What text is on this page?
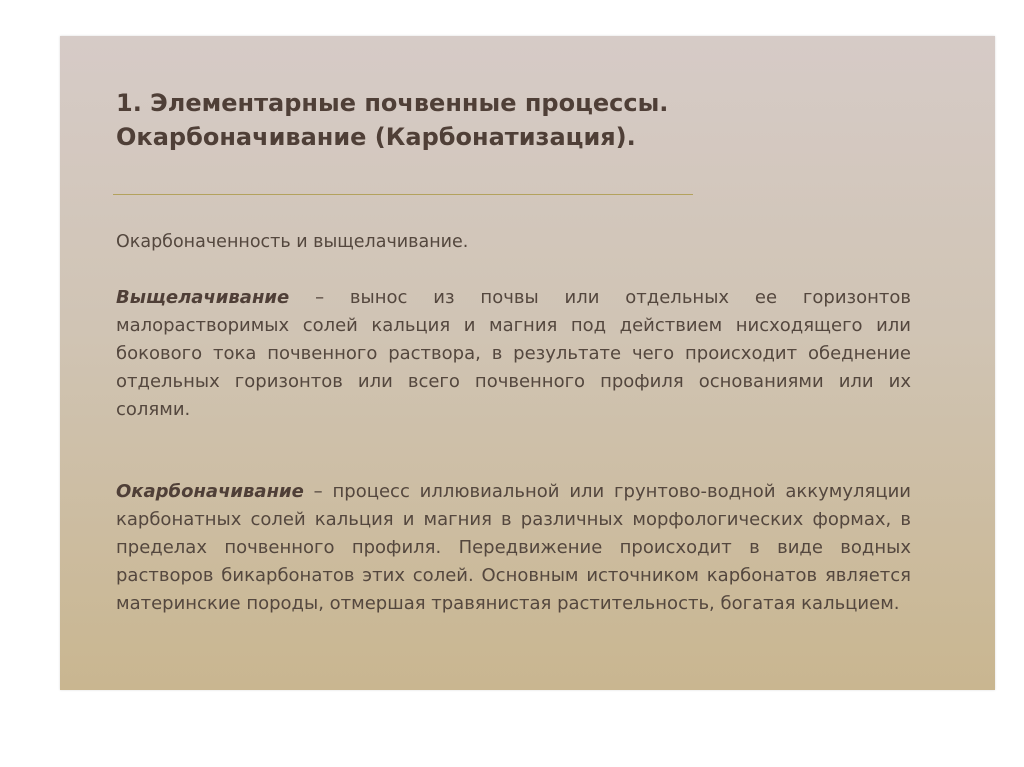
1. Элементарные почвенные процессы.
Окарбоначивание (Карбонатизация).

Окарбоначенность и выщелачивание.

Выщелачивание – вынос из почвы или отдельных ее горизонтов малорастворимых солей кальция и магния под действием нисходящего или бокового тока почвенного раствора, в результате чего происходит обеднение отдельных горизонтов или всего почвенного профиля основаниями или их солями.

Окарбоначивание – процесс иллювиальной или грунтово-водной аккумуляции карбонатных солей кальция и магния в различных морфологических формах, в пределах почвенного профиля. Передвижение происходит в виде водных растворов бикарбонатов этих солей. Основным источником карбонатов является материнские породы, отмершая травянистая растительность, богатая кальцием.
